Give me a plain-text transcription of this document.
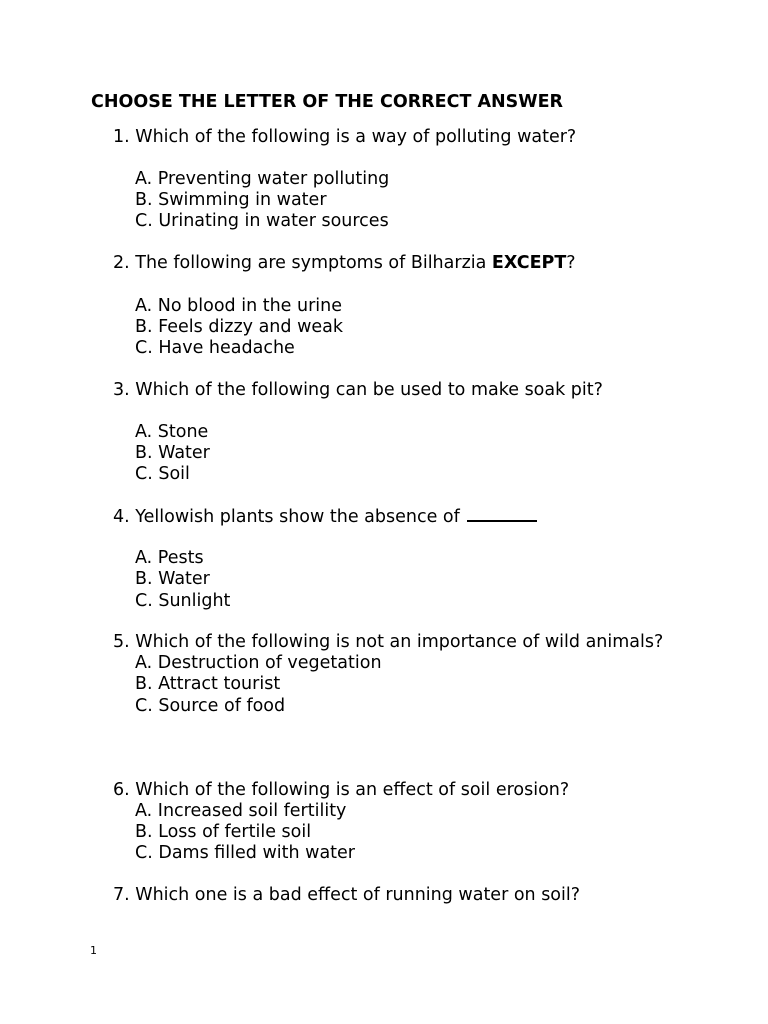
CHOOSE THE LETTER OF THE CORRECT ANSWER
1. Which of the following is a way of polluting water?
A. Preventing water polluting
B. Swimming in water
C. Urinating in water sources
2. The following are symptoms of Bilharzia EXCEPT?
A. No blood in the urine
B. Feels dizzy and weak
C. Have headache
3. Which of the following can be used to make soak pit?
A. Stone
B. Water
C. Soil
4. Yellowish plants show the absence of
A. Pests
B. Water
C. Sunlight
5. Which of the following is not an importance of wild animals?
A. Destruction of vegetation
B. Attract tourist
C. Source of food
6. Which of the following is an effect of soil erosion?
A. Increased soil fertility
B. Loss of fertile soil
C. Dams filled with water
7. Which one is a bad effect of running water on soil?
1
